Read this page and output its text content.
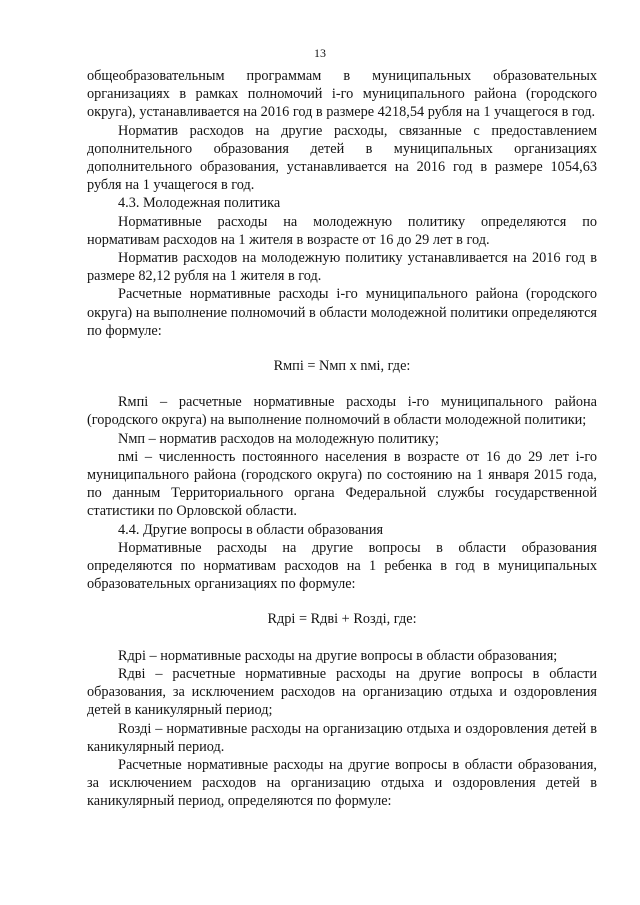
13

общеобразовательным программам в муниципальных образовательных организациях в рамках полномочий i-го муниципального района (городского округа), устанавливается на 2016 год в размере 4218,54 рубля на 1 учащегося в год.

Норматив расходов на другие расходы, связанные с предоставлением дополнительного образования детей в муниципальных организациях дополнительного образования, устанавливается на 2016 год в размере 1054,63 рубля на 1 учащегося в год.

4.3. Молодежная политика

Нормативные расходы на молодежную политику определяются по нормативам расходов на 1 жителя в возрасте от 16 до 29 лет в год.

Норматив расходов на молодежную политику устанавливается на 2016 год в размере 82,12 рубля на 1 жителя в год.

Расчетные нормативные расходы i-го муниципального района (городского округа) на выполнение полномочий в области молодежной политики определяются по формуле:

Rмпi = Nмп x nмi, где:

Rмпi – расчетные нормативные расходы i-го муниципального района (городского округа) на выполнение полномочий в области молодежной политики;

Nмп – норматив расходов на молодежную политику;

nмi – численность постоянного населения в возрасте от 16 до 29 лет i-го муниципального района (городского округа) по состоянию на 1 января 2015 года, по данным Территориального органа Федеральной службы государственной статистики по Орловской области.

4.4. Другие вопросы в области образования

Нормативные расходы на другие вопросы в области образования определяются по нормативам расходов на 1 ребенка в год в муниципальных образовательных организациях по формуле:

Rдрi = Rдвi + Rоздi, где:

Rдрi – нормативные расходы на другие вопросы в области образования;

Rдвi – расчетные нормативные расходы на другие вопросы в области образования, за исключением расходов на организацию отдыха и оздоровления детей в каникулярный период;

Rоздi – нормативные расходы на организацию отдыха и оздоровления детей в каникулярный период.

Расчетные нормативные расходы на другие вопросы в области образования, за исключением расходов на организацию отдыха и оздоровления детей в каникулярный период, определяются по формуле:
